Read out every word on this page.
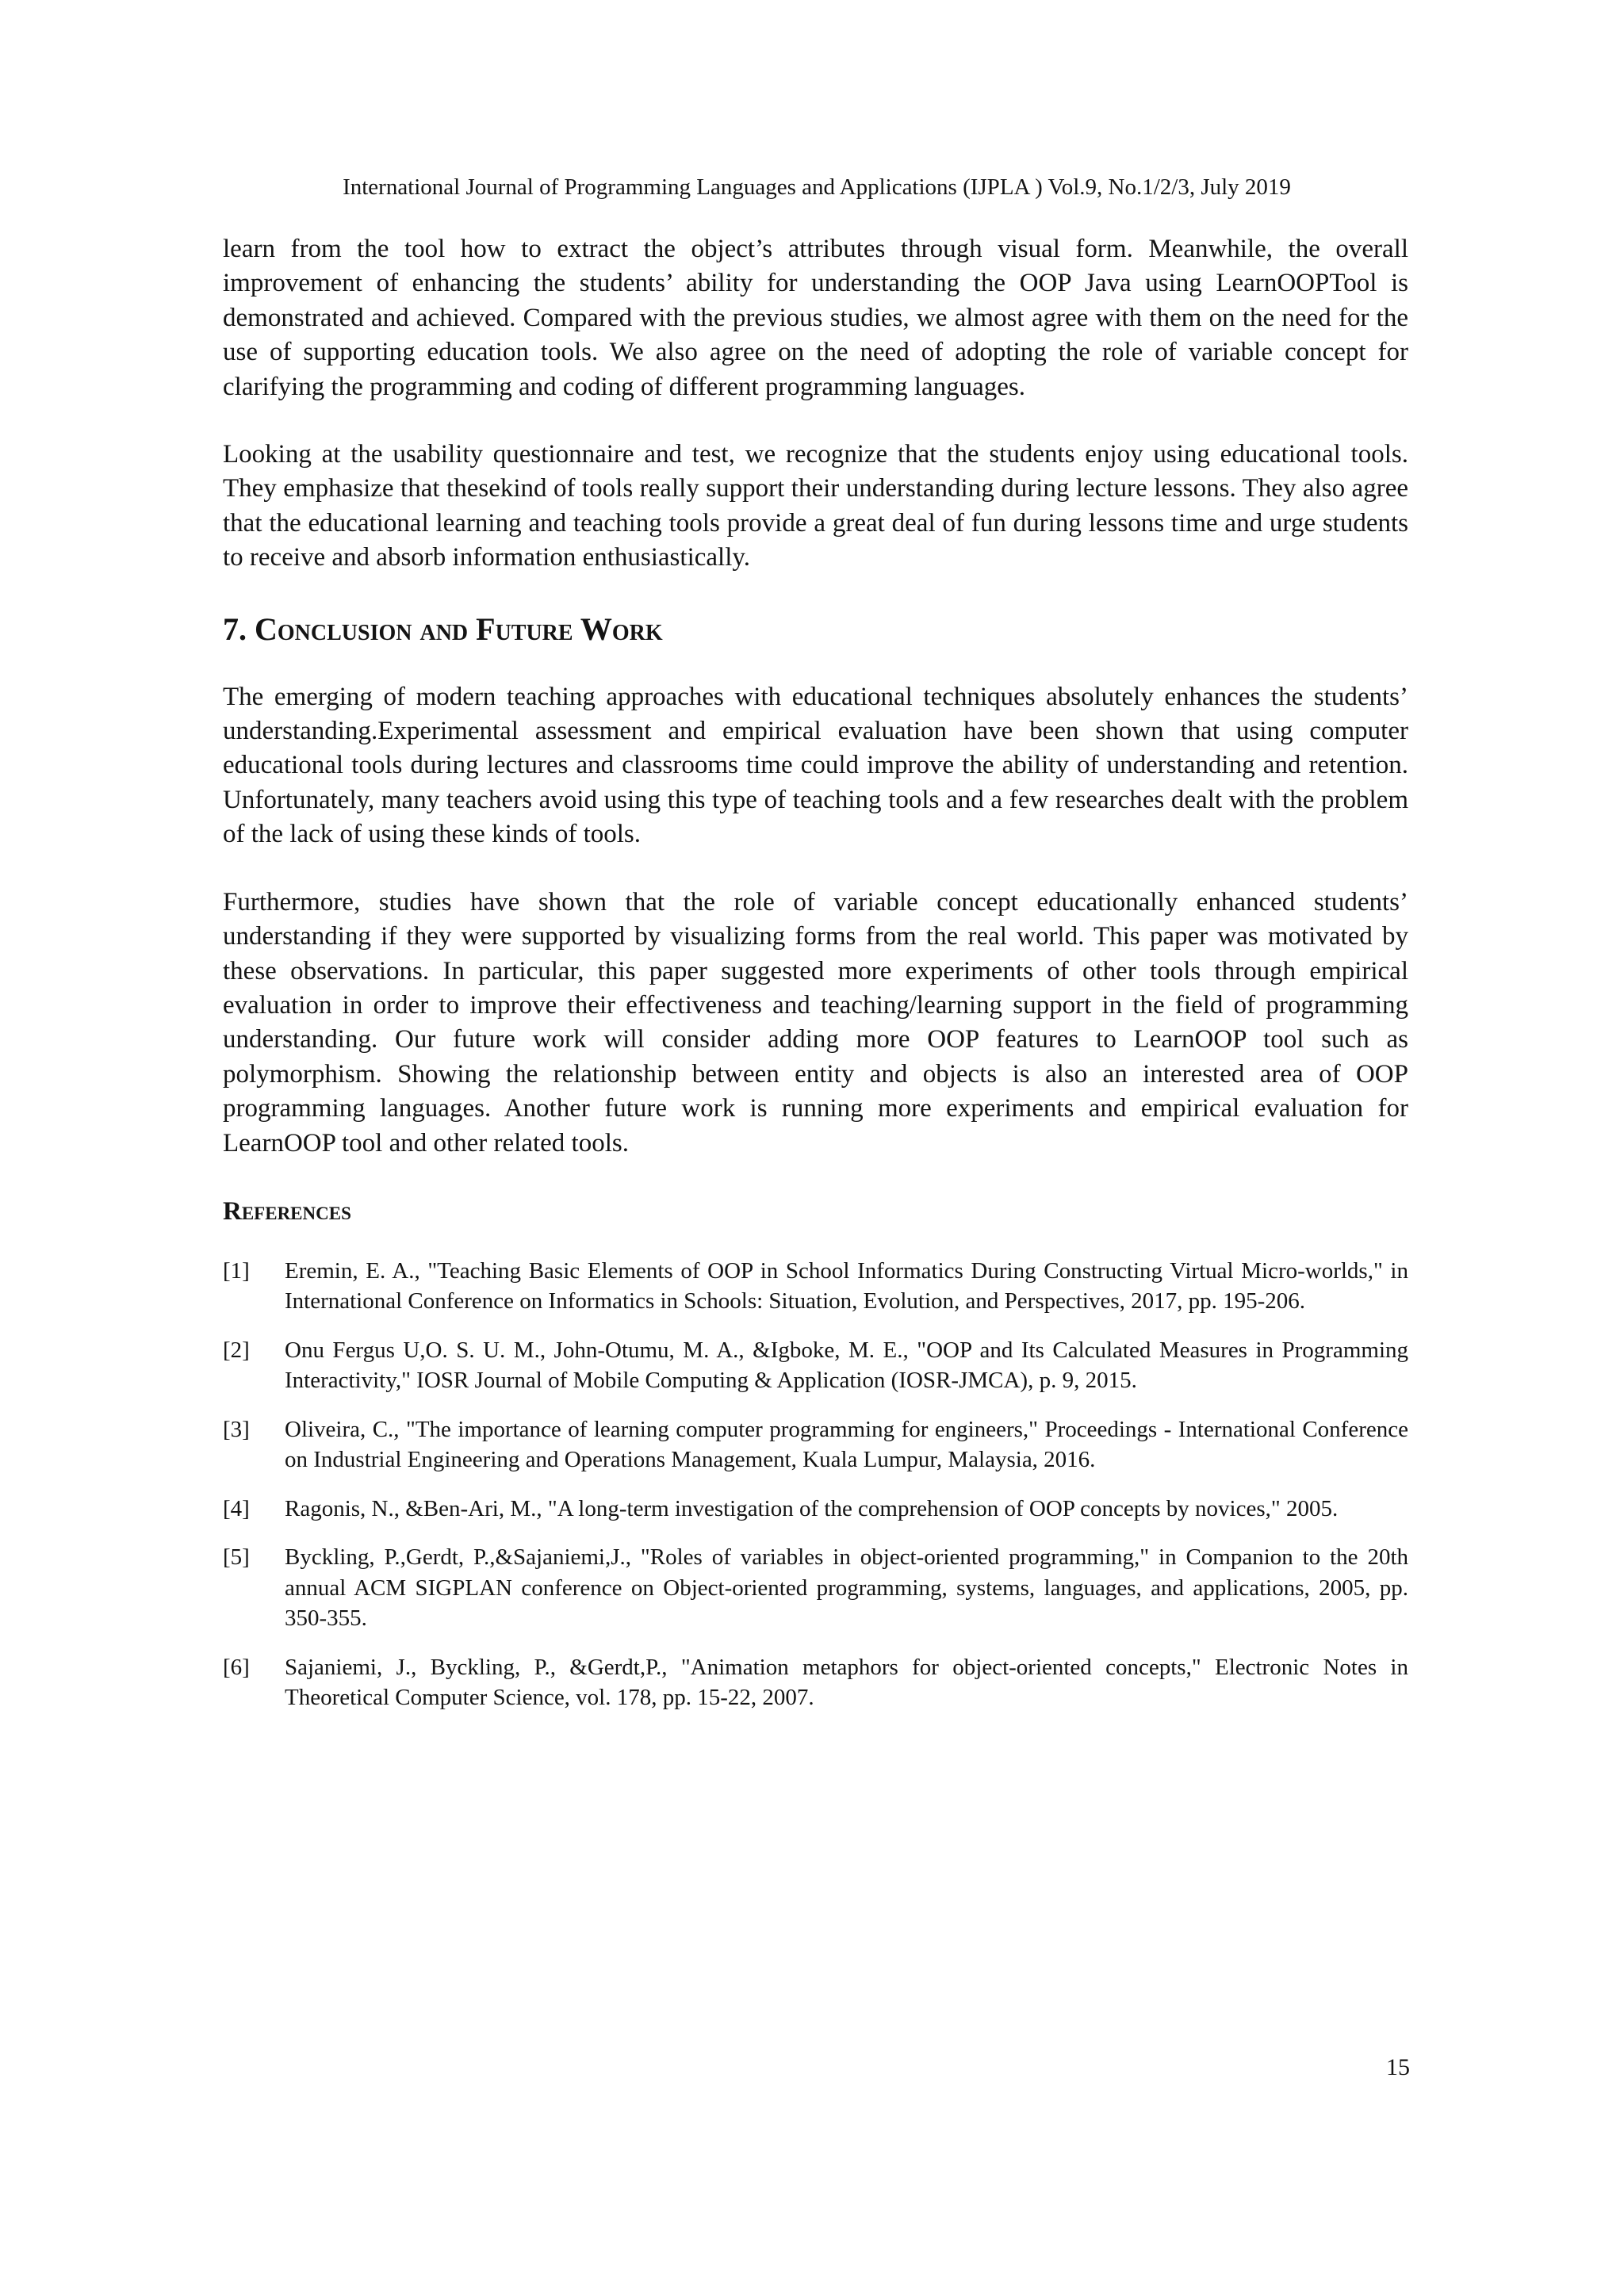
International Journal of Programming Languages and Applications (IJPLA ) Vol.9, No.1/2/3, July 2019

learn from the tool how to extract the object’s attributes through visual form. Meanwhile, the overall improvement of enhancing the students’ ability for understanding the OOP Java using LearnOOPTool is demonstrated and achieved. Compared with the previous studies, we almost agree with them on the need for the use of supporting education tools. We also agree on the need of adopting the role of variable concept for clarifying the programming and coding of different programming languages.

Looking at the usability questionnaire and test, we recognize that the students enjoy using educational tools. They emphasize that thesekind of tools really support their understanding during lecture lessons. They also agree that the educational learning and teaching tools provide a great deal of fun during lessons time and urge students to receive and absorb information enthusiastically.

7. Conclusion and Future Work

The emerging of modern teaching approaches with educational techniques absolutely enhances the students’ understanding.Experimental assessment and empirical evaluation have been shown that using computer educational tools during lectures and classrooms time could improve the ability of understanding and retention. Unfortunately, many teachers avoid using this type of teaching tools and a few researches dealt with the problem of the lack of using these kinds of tools.

Furthermore, studies have shown that the role of variable concept educationally enhanced students’ understanding if they were supported by visualizing forms from the real world. This paper was motivated by these observations. In particular, this paper suggested more experiments of other tools through empirical evaluation in order to improve their effectiveness and teaching/learning support in the field of programming understanding. Our future work will consider adding more OOP features to LearnOOP tool such as polymorphism. Showing the relationship between entity and objects is also an interested area of OOP programming languages. Another future work is running more experiments and empirical evaluation for LearnOOP tool and other related tools.

References
[1]	Eremin, E. A., "Teaching Basic Elements of OOP in School Informatics During Constructing Virtual Micro-worlds," in International Conference on Informatics in Schools: Situation, Evolution, and Perspectives, 2017, pp. 195-206.
[2]	Onu Fergus U,O. S. U. M., John-Otumu, M. A., &Igboke, M. E., "OOP and Its Calculated Measures in Programming Interactivity," IOSR Journal of Mobile Computing & Application (IOSR-JMCA), p. 9, 2015.
[3]	Oliveira, C., "The importance of learning computer programming for engineers," Proceedings - International Conference on Industrial Engineering and Operations Management, Kuala Lumpur, Malaysia, 2016.
[4]	Ragonis, N., &Ben-Ari, M., "A long-term investigation of the comprehension of OOP concepts by novices," 2005.
[5]	Byckling, P.,Gerdt, P.,&Sajaniemi,J., "Roles of variables in object-oriented programming," in Companion to the 20th annual ACM SIGPLAN conference on Object-oriented programming, systems, languages, and applications, 2005, pp. 350-355.
[6]	Sajaniemi, J., Byckling, P., &Gerdt,P., "Animation metaphors for object-oriented concepts," Electronic Notes in Theoretical Computer Science, vol. 178, pp. 15-22, 2007.
15
